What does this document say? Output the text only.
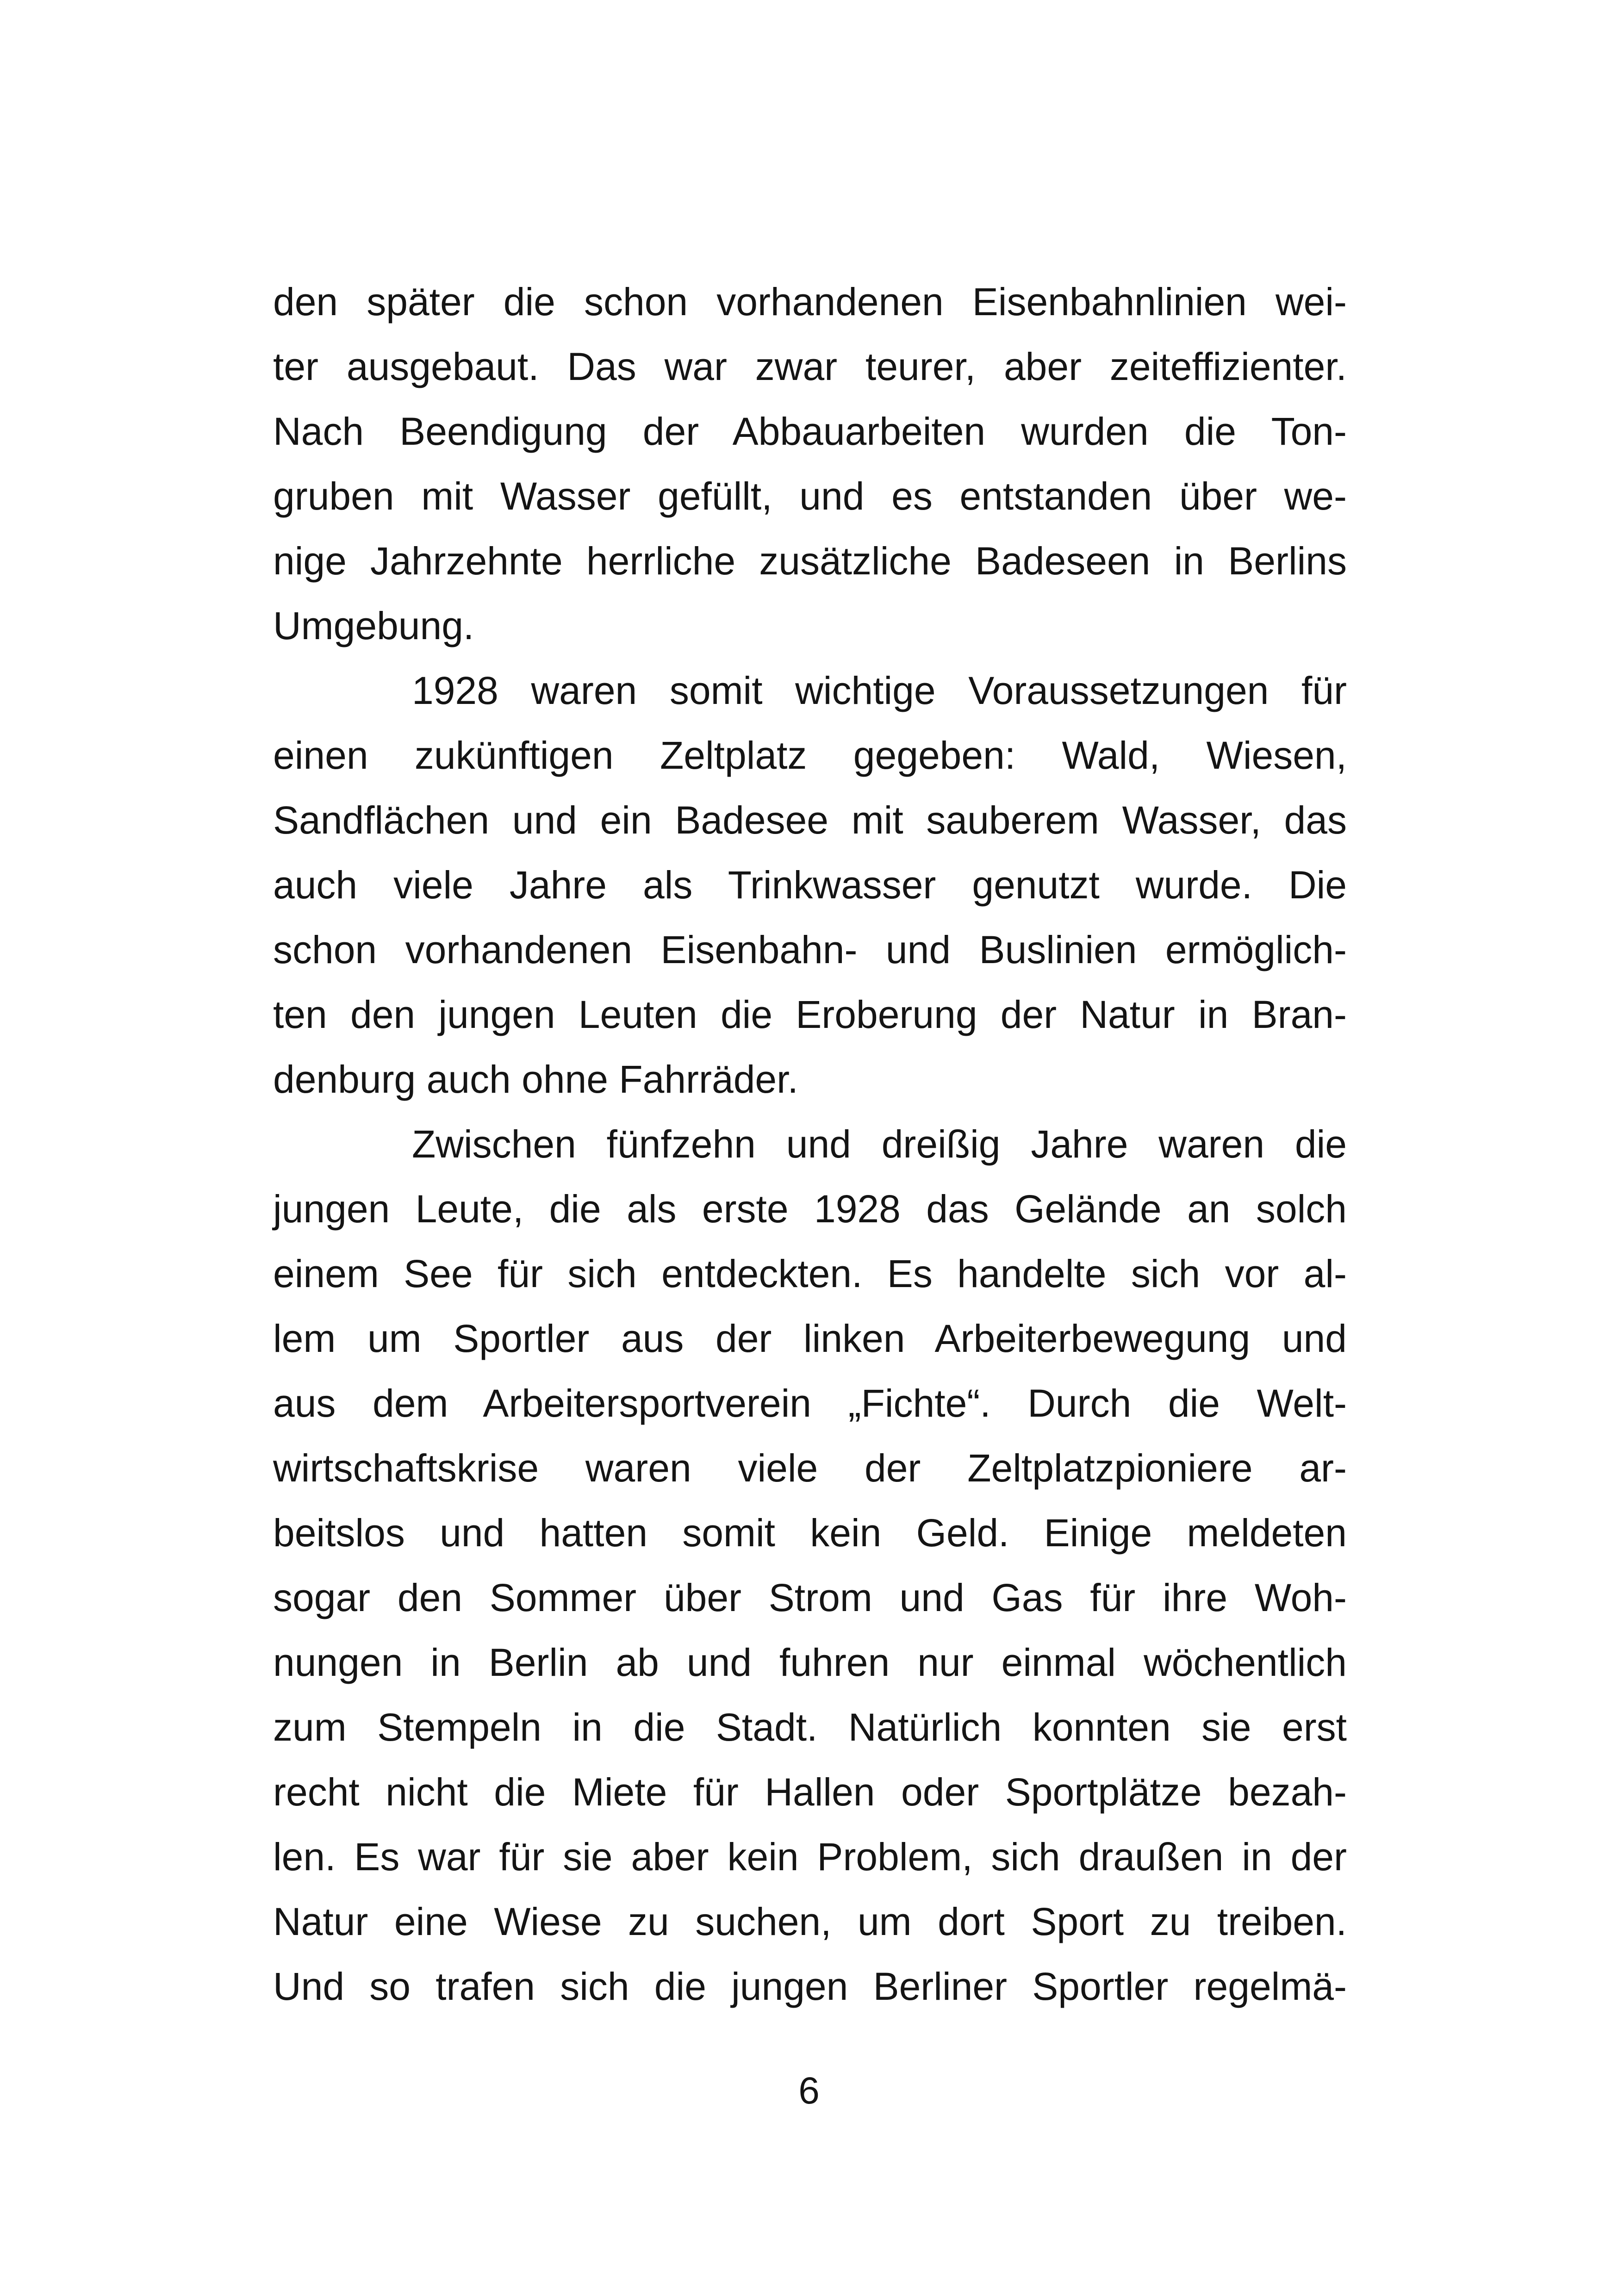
den später die schon vorhandenen Eisenbahnlinien wei-
ter ausgebaut. Das war zwar teurer, aber zeiteffizienter.
Nach Beendigung der Abbauarbeiten wurden die Ton-
gruben mit Wasser gefüllt, und es entstanden über we-
nige Jahrzehnte herrliche zusätzliche Badeseen in Berlins
Umgebung.
1928 waren somit wichtige Voraussetzungen für
einen zukünftigen Zeltplatz gegeben: Wald, Wiesen,
Sandflächen und ein Badesee mit sauberem Wasser, das
auch viele Jahre als Trinkwasser genutzt wurde. Die
schon vorhandenen Eisenbahn- und Buslinien ermöglich-
ten den jungen Leuten die Eroberung der Natur in Bran-
denburg auch ohne Fahrräder.
Zwischen fünfzehn und dreißig Jahre waren die
jungen Leute, die als erste 1928 das Gelände an solch
einem See für sich entdeckten. Es handelte sich vor al-
lem um Sportler aus der linken Arbeiterbewegung und
aus dem Arbeitersportverein „Fichte“. Durch die Welt-
wirtschaftskrise waren viele der Zeltplatzpioniere ar-
beitslos und hatten somit kein Geld. Einige meldeten
sogar den Sommer über Strom und Gas für ihre Woh-
nungen in Berlin ab und fuhren nur einmal wöchentlich
zum Stempeln in die Stadt. Natürlich konnten sie erst
recht nicht die Miete für Hallen oder Sportplätze bezah-
len. Es war für sie aber kein Problem, sich draußen in der
Natur eine Wiese zu suchen, um dort Sport zu treiben.
Und so trafen sich die jungen Berliner Sportler regelmä-
6
